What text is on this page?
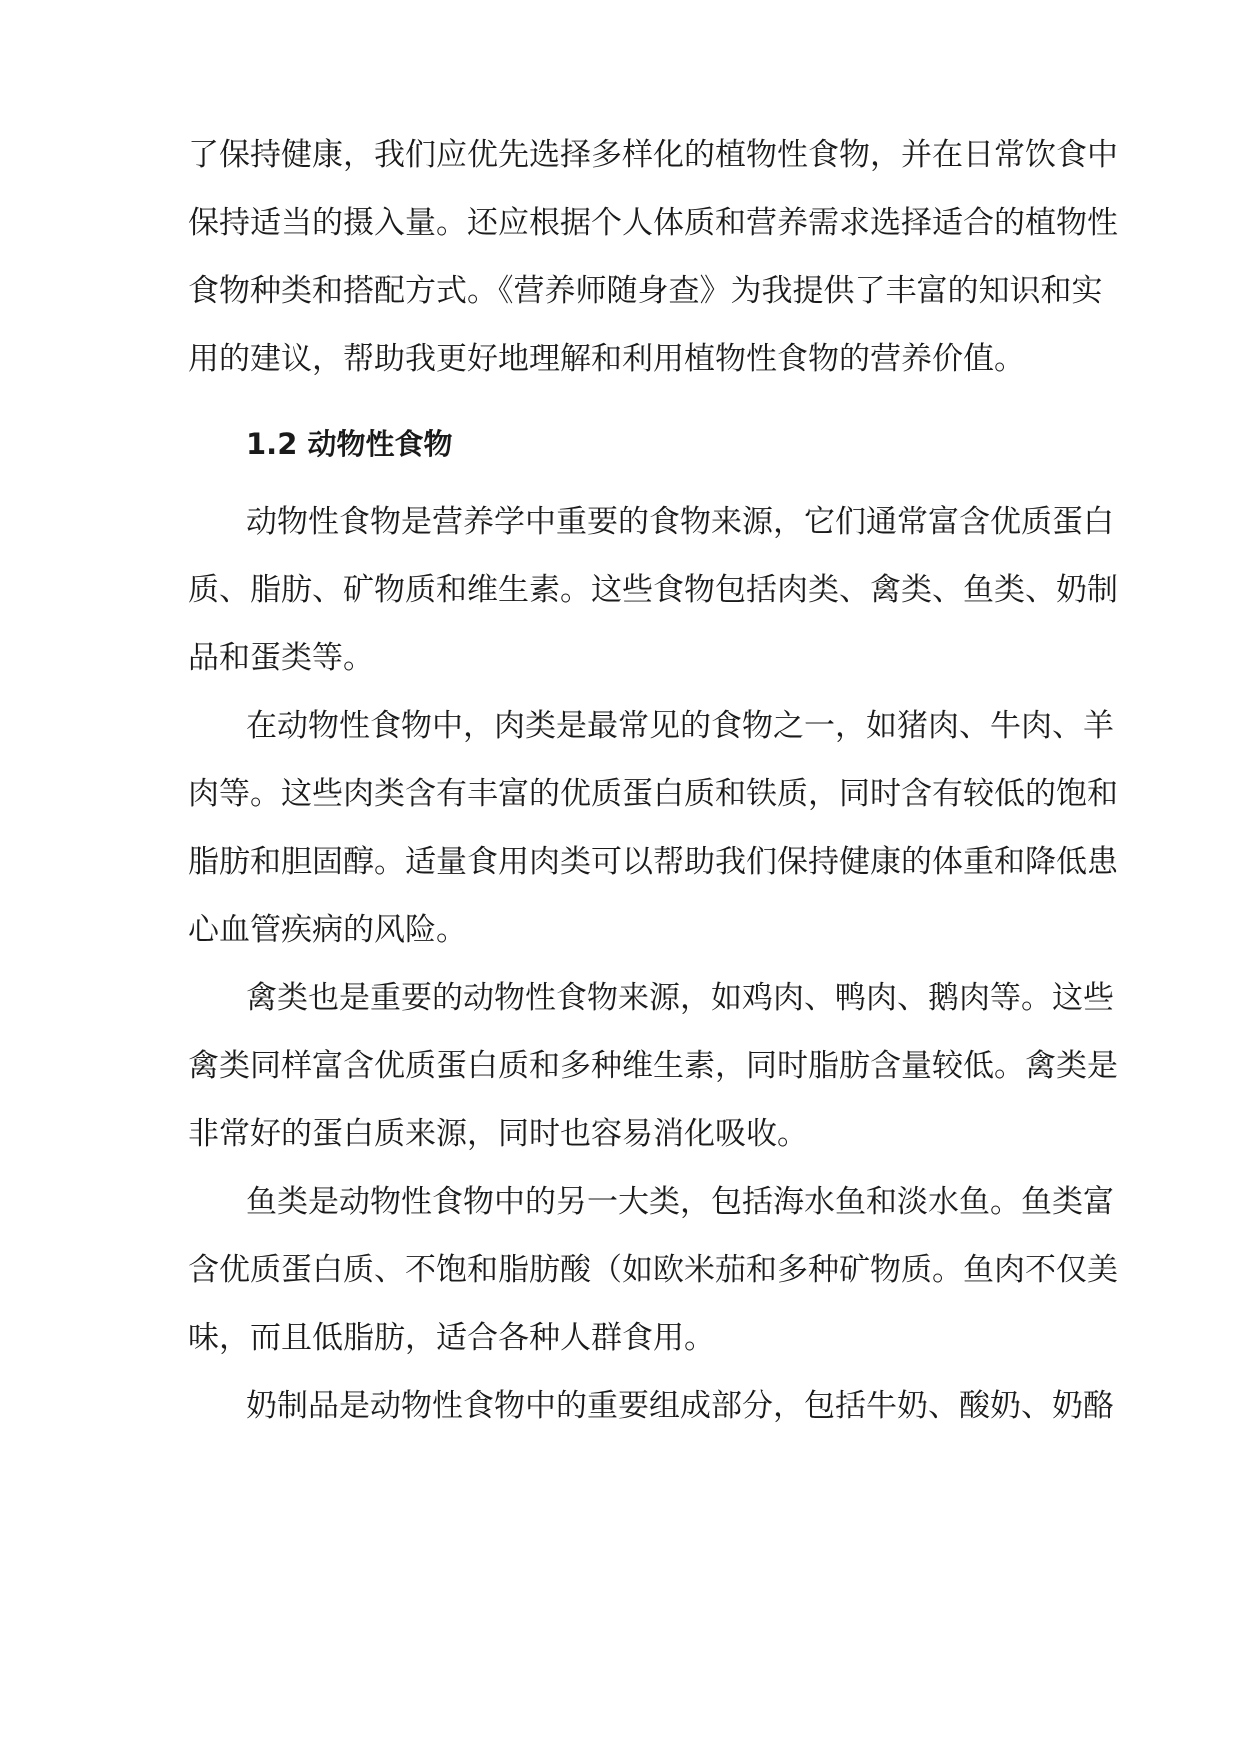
了保持健康，我们应优先选择多样化的植物性食物，并在日常饮食中
保持适当的摄入量。还应根据个人体质和营养需求选择适合的植物性
食物种类和搭配方式。《营养师随身查》为我提供了丰富的知识和实
用的建议，帮助我更好地理解和利用植物性食物的营养价值。
1.2 动物性食物
动物性食物是营养学中重要的食物来源，它们通常富含优质蛋白
质、脂肪、矿物质和维生素。这些食物包括肉类、禽类、鱼类、奶制
品和蛋类等。
在动物性食物中，肉类是最常见的食物之一，如猪肉、牛肉、羊
肉等。这些肉类含有丰富的优质蛋白质和铁质，同时含有较低的饱和
脂肪和胆固醇。适量食用肉类可以帮助我们保持健康的体重和降低患
心血管疾病的风险。
禽类也是重要的动物性食物来源，如鸡肉、鸭肉、鹅肉等。这些
禽类同样富含优质蛋白质和多种维生素，同时脂肪含量较低。禽类是
非常好的蛋白质来源，同时也容易消化吸收。
鱼类是动物性食物中的另一大类，包括海水鱼和淡水鱼。鱼类富
含优质蛋白质、不饱和脂肪酸（如欧米茄和多种矿物质。鱼肉不仅美
味，而且低脂肪，适合各种人群食用。
奶制品是动物性食物中的重要组成部分，包括牛奶、酸奶、奶酪
